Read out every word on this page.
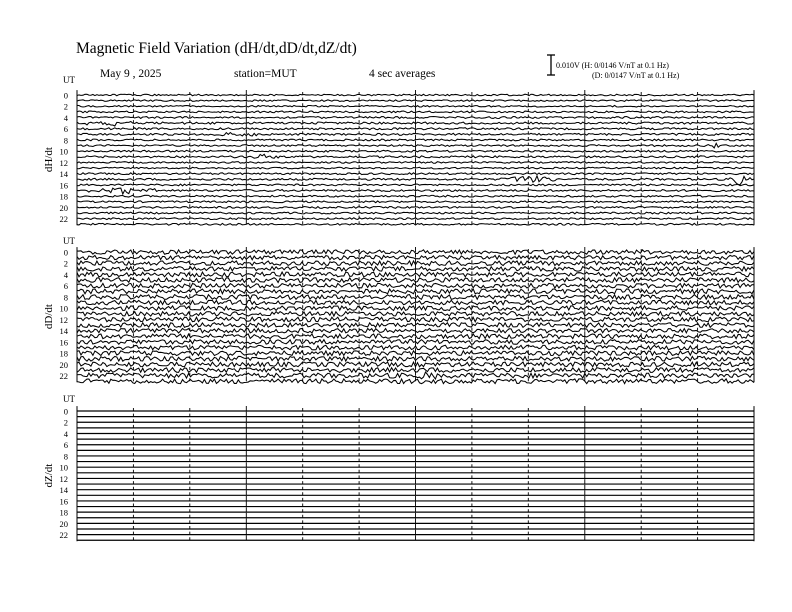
Magnetic Field Variation (dH/dt,dD/dt,dZ/dt)
May 9 , 2025	station=MUT	4 sec averages
0.010V (H: 0/0146 V/nT at 0.1 Hz)
(D: 0/0147 V/nT at 0.1 Hz)
UT
dH/dt
0
2
4
6
8
10
12
14
16
18
20
22
UT
dD/dt
0
2
4
6
8
10
12
14
16
18
20
22
UT
dZ/dt
0
2
4
6
8
10
12
14
16
18
20
22
